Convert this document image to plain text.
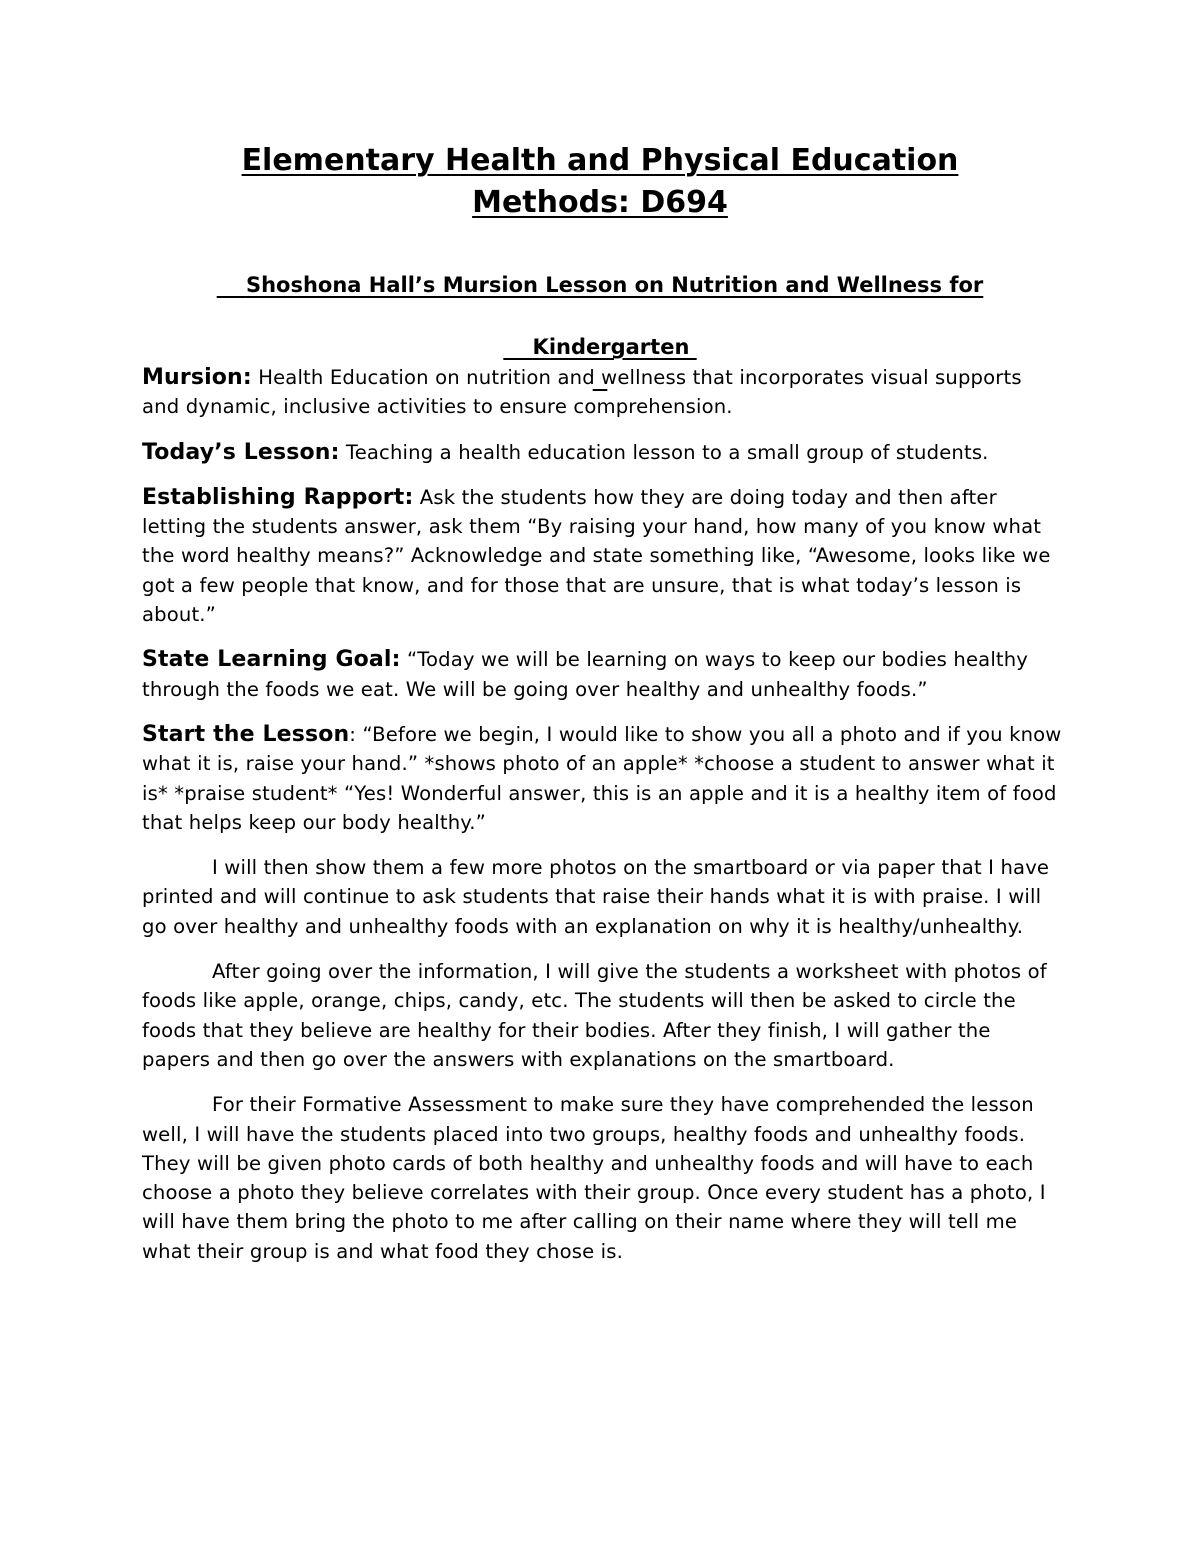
Elementary Health and Physical Education
Methods: D694

Shoshona Hall’s Mursion Lesson on Nutrition and Wellness for

Kindergarten

Mursion: Health Education on nutrition and wellness that incorporates visual supports and dynamic, inclusive activities to ensure comprehension.

Today’s Lesson: Teaching a health education lesson to a small group of students.

Establishing Rapport: Ask the students how they are doing today and then after letting the students answer, ask them “By raising your hand, how many of you know what the word healthy means?” Acknowledge and state something like, “Awesome, looks like we got a few people that know, and for those that are unsure, that is what today’s lesson is about.”

State Learning Goal: “Today we will be learning on ways to keep our bodies healthy through the foods we eat. We will be going over healthy and unhealthy foods.”

Start the Lesson: “Before we begin, I would like to show you all a photo and if you know what it is, raise your hand.” *shows photo of an apple* *choose a student to answer what it is* *praise student* “Yes! Wonderful answer, this is an apple and it is a healthy item of food that helps keep our body healthy.”

I will then show them a few more photos on the smartboard or via paper that I have printed and will continue to ask students that raise their hands what it is with praise. I will go over healthy and unhealthy foods with an explanation on why it is healthy/unhealthy.

After going over the information, I will give the students a worksheet with photos of foods like apple, orange, chips, candy, etc. The students will then be asked to circle the foods that they believe are healthy for their bodies. After they finish, I will gather the papers and then go over the answers with explanations on the smartboard.

For their Formative Assessment to make sure they have comprehended the lesson well, I will have the students placed into two groups, healthy foods and unhealthy foods. They will be given photo cards of both healthy and unhealthy foods and will have to each choose a photo they believe correlates with their group. Once every student has a photo, I will have them bring the photo to me after calling on their name where they will tell me what their group is and what food they chose is.
